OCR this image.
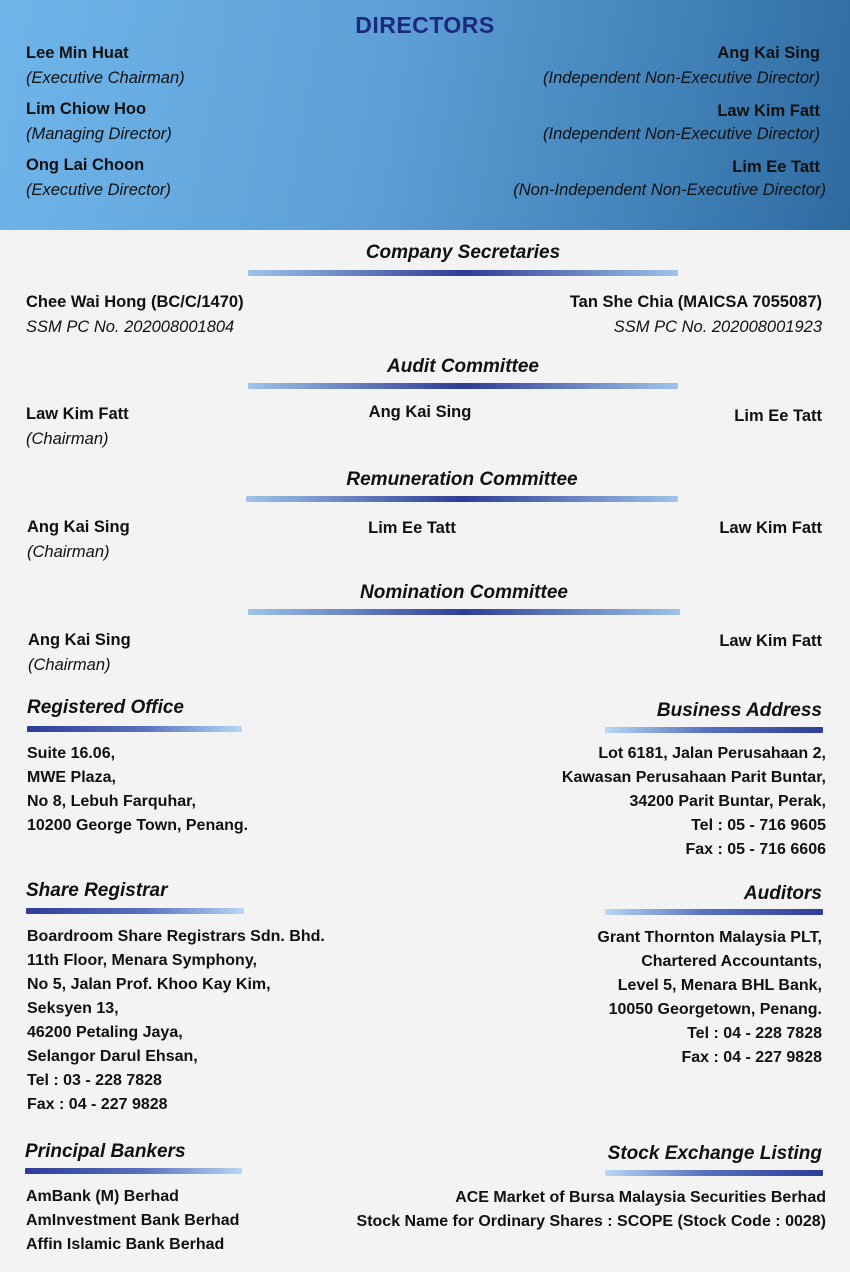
DIRECTORS
Lee Min Huat
(Executive Chairman)
Lim Chiow Hoo
(Managing Director)
Ong Lai Choon
(Executive Director)
Ang Kai Sing
(Independent Non-Executive Director)
Law Kim Fatt
(Independent Non-Executive Director)
Lim Ee Tatt
(Non-Independent Non-Executive Director)
Company Secretaries
Chee Wai Hong (BC/C/1470)
SSM PC No. 202008001804
Tan She Chia (MAICSA 7055087)
SSM PC No. 202008001923
Audit Committee
Law Kim Fatt
(Chairman)
Ang Kai Sing	Lim Ee Tatt
Remuneration Committee
Ang Kai Sing
(Chairman)
Lim Ee Tatt	Law Kim Fatt
Nomination Committee
Ang Kai Sing
(Chairman)
Law Kim Fatt
Registered Office
Suite 16.06,
MWE Plaza,
No 8, Lebuh Farquhar,
10200 George Town, Penang.
Business Address
Lot 6181, Jalan Perusahaan 2,
Kawasan Perusahaan Parit Buntar,
34200 Parit Buntar, Perak,
Tel : 05 - 716 9605
Fax : 05 - 716 6606
Share Registrar
Boardroom Share Registrars Sdn. Bhd.
11th Floor, Menara Symphony,
No 5, Jalan Prof. Khoo Kay Kim,
Seksyen 13,
46200 Petaling Jaya,
Selangor Darul Ehsan,
Tel : 03 - 228 7828
Fax : 04 - 227 9828
Auditors
Grant Thornton Malaysia PLT,
Chartered Accountants,
Level 5, Menara BHL Bank,
10050 Georgetown, Penang.
Tel : 04 - 228 7828
Fax : 04 - 227 9828
Principal Bankers
AmBank (M) Berhad
AmInvestment Bank Berhad
Affin Islamic Bank Berhad
Stock Exchange Listing
ACE Market of Bursa Malaysia Securities Berhad
Stock Name for Ordinary Shares : SCOPE (Stock Code : 0028)
